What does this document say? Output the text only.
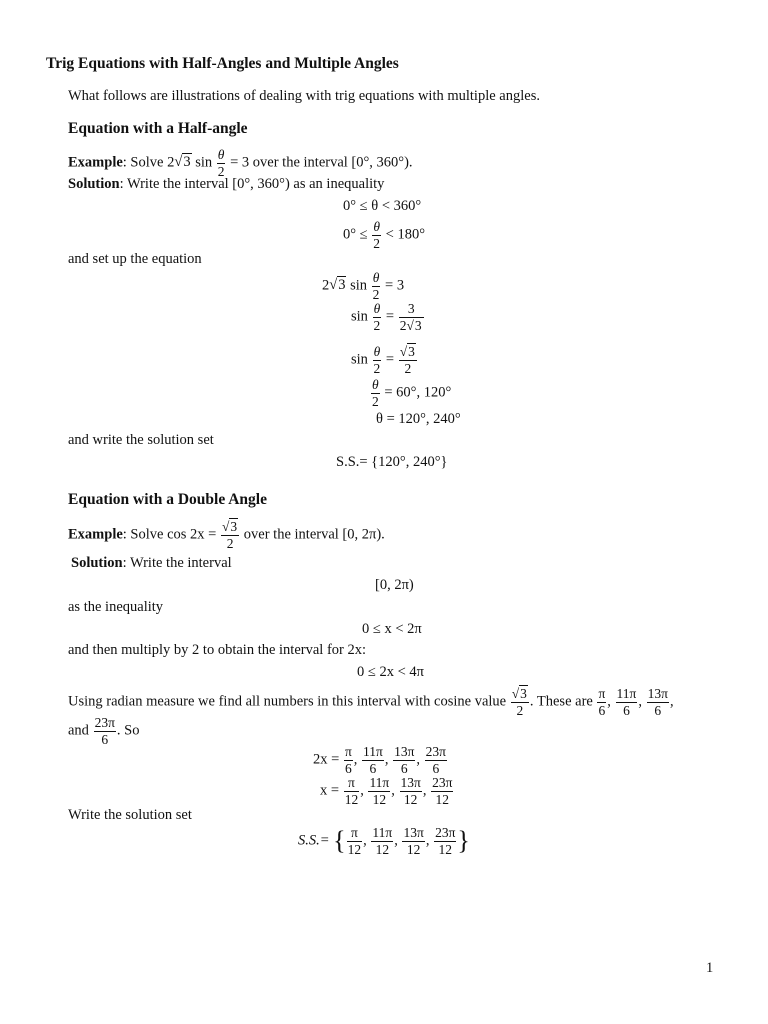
Trig Equations with Half-Angles and Multiple Angles
What follows are illustrations of dealing with trig equations with multiple angles.
Equation with a Half-angle
Example: Solve 2√3 $\sin \frac{\theta}{2} = 3$ over the interval [0°, 360°).
Solution: Write the interval [0°, 360°) as an inequality
0° ≤ θ < 360°
$0^\circ \le \frac{\theta}{2} < 180^\circ$
and set up the equation
2√3 $\sin \frac{\theta}{2} = 3$
$\sin \frac{\theta}{2} = \frac{3}{2√3}$
$\sin \frac{\theta}{2} = \frac{√3}{2}$
$\frac{\theta}{2} = 60^\circ$, 120°
θ = 120°, 240°
and write the solution set
S.S.= {120°, 240°}
Equation with a Double Angle
Example: Solve $\cos 2x = \frac{√3}{2}$ over the interval [0, 2π).
Solution: Write the interval
[0, 2π)
as the inequality
0 ≤ x < 2π
and then multiply by 2 to obtain the interval for 2x:
0 ≤ 2x < 4π
Using radian measure we find all numbers in this interval with cosine value $\frac{√3}{2}$ . These are $\frac{\pi}{6}$ , $\frac{11\pi}{6}$ , $\frac{13\pi}{6}$ ,
and $\frac{23\pi}{6}$ . So
$2x = \frac{\pi}{6}$ , $\frac{11\pi}{6}$ , $\frac{13\pi}{6}$ , $\frac{23\pi}{6}$
$x = \frac{\pi}{12}$ , $\frac{11\pi}{12}$ , $\frac{13\pi}{12}$ , $\frac{23\pi}{12}$
Write the solution set
S.S.= { $\frac{\pi}{12}$ , $\frac{11\pi}{12}$ , $\frac{13\pi}{12}$ , $\frac{23\pi}{12}$ }
1
